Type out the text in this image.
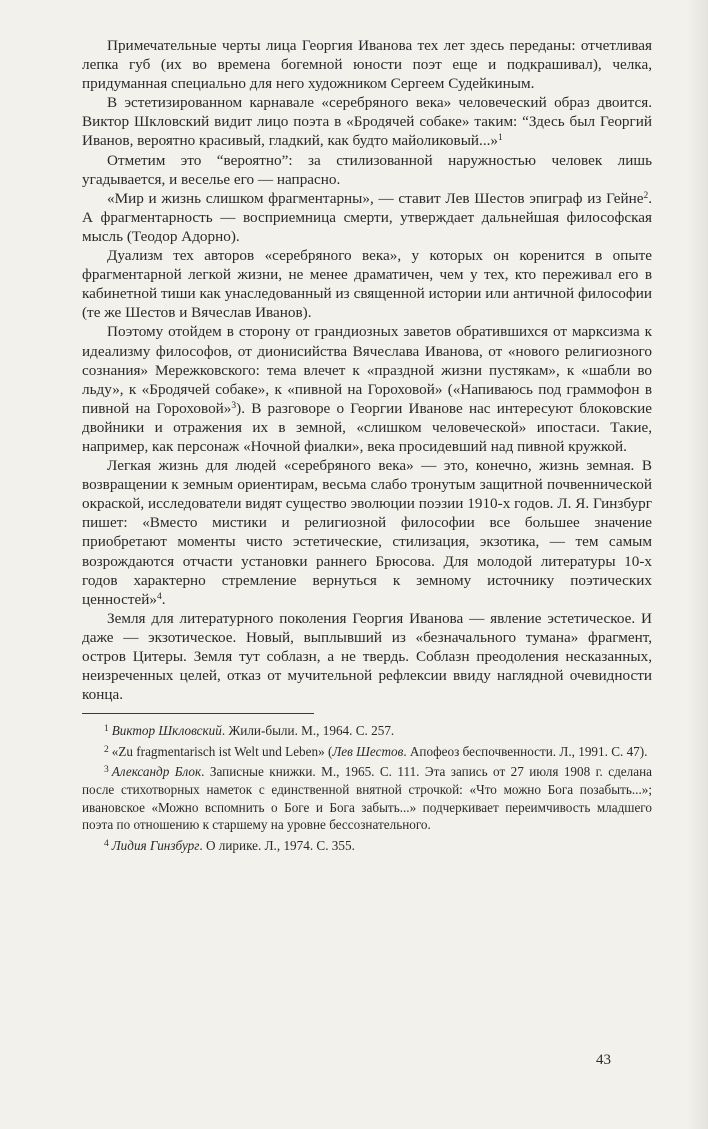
Примечательные черты лица Георгия Иванова тех лет здесь переданы: отчетливая лепка губ (их во времена богемной юности поэт еще и подкрашивал), челка, придуманная специально для него художником Сергеем Судейкиным.

В эстетизированном карнавале «серебряного века» человеческий образ двоится. Виктор Шкловский видит лицо поэта в «Бродячей собаке» таким: “Здесь был Георгий Иванов, вероятно красивый, гладкий, как будто майоликовый...»$^1$

Отметим это “вероятно”: за стилизованной наружностью человек лишь угадывается, и веселье его — напрасно.

«Мир и жизнь слишком фрагментарны», — ставит Лев Шестов эпиграф из Гейне$^2$. А фрагментарность — восприемница смерти, утверждает дальнейшая философская мысль (Теодор Адорно).

Дуализм тех авторов «серебряного века», у которых он коренится в опыте фрагментарной легкой жизни, не менее драматичен, чем у тех, кто переживал его в кабинетной тиши как унаследованный из священной истории или античной философии (те же Шестов и Вячеслав Иванов).

Поэтому отойдем в сторону от грандиозных заветов обратившихся от марксизма к идеализму философов, от дионисийства Вячеслава Иванова, от «нового религиозного сознания» Мережковского: тема влечет к «праздной жизни пустякам», к «шабли во льду», к «Бродячей собаке», к «пивной на Гороховой» («Напиваюсь под граммофон в пивной на Гороховой»$^3$). В разговоре о Георгии Иванове нас интересуют блоковские двойники и отражения их в земной, «слишком человеческой» ипостаси. Такие, например, как персонаж «Ночной фиалки», века просидевший над пивной кружкой.

Легкая жизнь для людей «серебряного века» — это, конечно, жизнь земная. В возвращении к земным ориентирам, весьма слабо тронутым защитной почвеннической окраской, исследователи видят существо эволюции поэзии 1910-х годов. Л. Я. Гинзбург пишет: «Вместо мистики и религиозной философии все большее значение приобретают моменты чисто эстетические, стилизация, экзотика, — тем самым возрождаются отчасти установки раннего Брюсова. Для молодой литературы 10-х годов характерно стремление вернуться к земному источнику поэтических ценностей»$^4$.

Земля для литературного поколения Георгия Иванова — явление эстетическое. И даже — экзотическое. Новый, выплывший из «безначального тумана» фрагмент, остров Цитеры. Земля тут соблазн, а не твердь. Соблазн преодоления несказанных, неизреченных целей, отказ от мучительной рефлексии ввиду наглядной очевидности конца.

$^1$ Виктор Шкловский. Жили-были. М., 1964. С. 257.

$^2$ «Zu fragmentarisch ist Welt und Leben» (Лев Шестов. Апофеоз беспочвенности. Л., 1991. С. 47).

$^3$ Александр Блок. Записные книжки. М., 1965. С. 111. Эта запись от 27 июля 1908 г. сделана после стихотворных наметок с единственной внятной строчкой: «Что можно Бога позабыть...»; ивановское «Можно вспомнить о Боге и Бога забыть...» подчеркивает переимчивость младшего поэта по отношению к старшему на уровне бессознательного.

$^4$ Лидия Гинзбург. О лирике. Л., 1974. С. 355.

43
